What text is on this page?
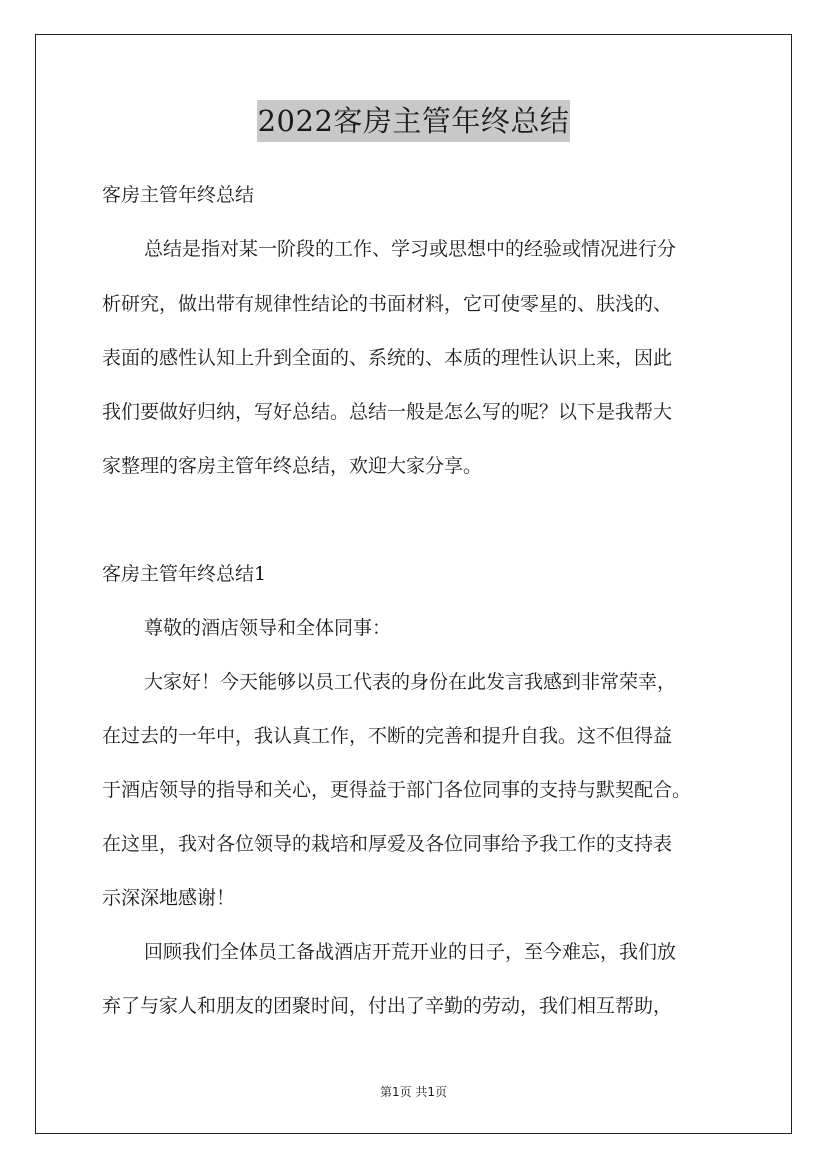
2022客房主管年终总结
客房主管年终总结
总结是指对某一阶段的工作、学习或思想中的经验或情况进行分
析研究，做出带有规律性结论的书面材料，它可使零星的、肤浅的、
表面的感性认知上升到全面的、系统的、本质的理性认识上来，因此
我们要做好归纳，写好总结。总结一般是怎么写的呢？以下是我帮大
家整理的客房主管年终总结，欢迎大家分享。
客房主管年终总结1
尊敬的酒店领导和全体同事：
大家好！今天能够以员工代表的身份在此发言我感到非常荣幸，
在过去的一年中，我认真工作，不断的完善和提升自我。这不但得益
于酒店领导的指导和关心，更得益于部门各位同事的支持与默契配合。
在这里，我对各位领导的栽培和厚爱及各位同事给予我工作的支持表
示深深地感谢！
回顾我们全体员工备战酒店开荒开业的日子，至今难忘，我们放
弃了与家人和朋友的团聚时间，付出了辛勤的劳动，我们相互帮助，
第1页 共1页
